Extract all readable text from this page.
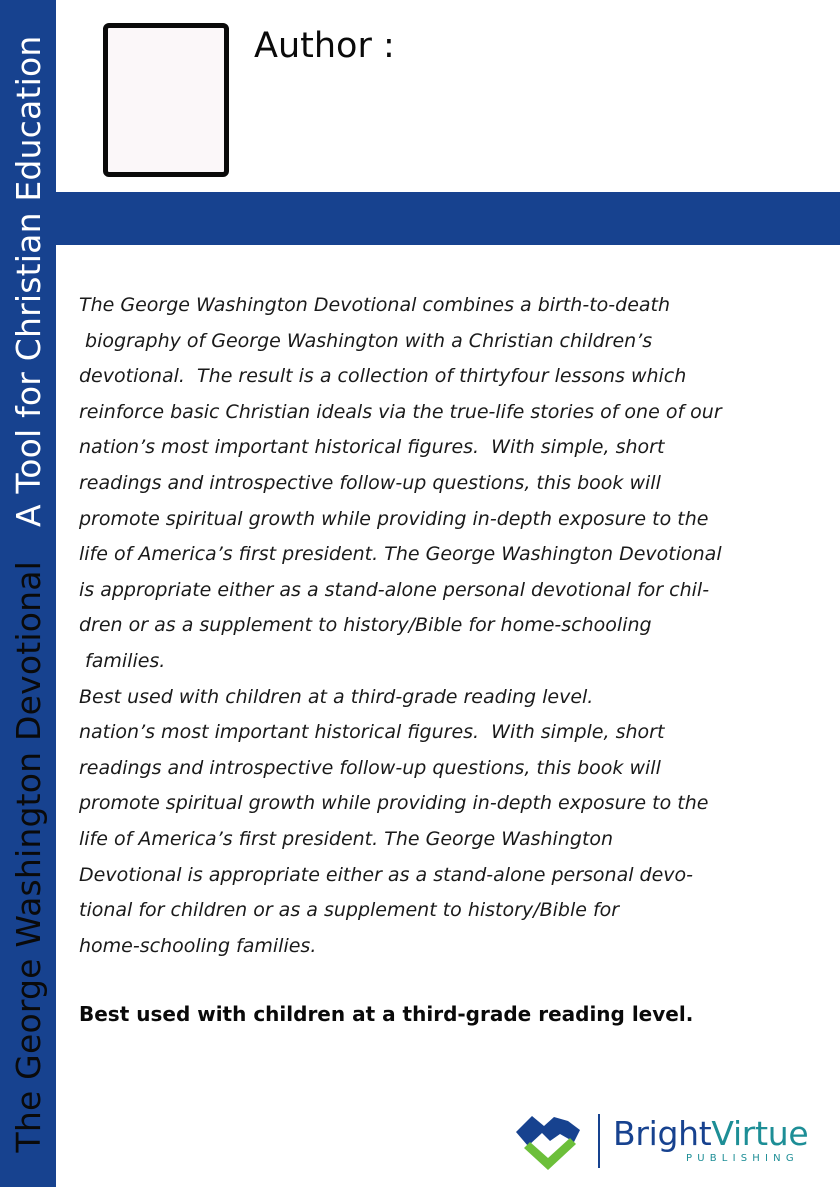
The George Washington Devotional
A Tool for Christian Education	Author :
The George Washington Devotional combines a birth-to-death
biography of George Washington with a Christian children’s
devotional.  The result is a collection of thirtyfour lessons which
reinforce basic Christian ideals via the true-life stories of one of our
nation’s most important historical figures.  With simple, short
readings and introspective follow-up questions, this book will
promote spiritual growth while providing in-depth exposure to the
life of America’s first president. The George Washington Devotional
is appropriate either as a stand-alone personal devotional for chil-
dren or as a supplement to history/Bible for home-schooling
families.
Best used with children at a third-grade reading level.
nation’s most important historical figures.  With simple, short
readings and introspective follow-up questions, this book will
promote spiritual growth while providing in-depth exposure to the
life of America’s first president. The George Washington
Devotional is appropriate either as a stand-alone personal devo-
tional for children or as a supplement to history/Bible for
home-schooling families.
Best used with children at a third-grade reading level.
BrightVirtue
PUBLISHING
